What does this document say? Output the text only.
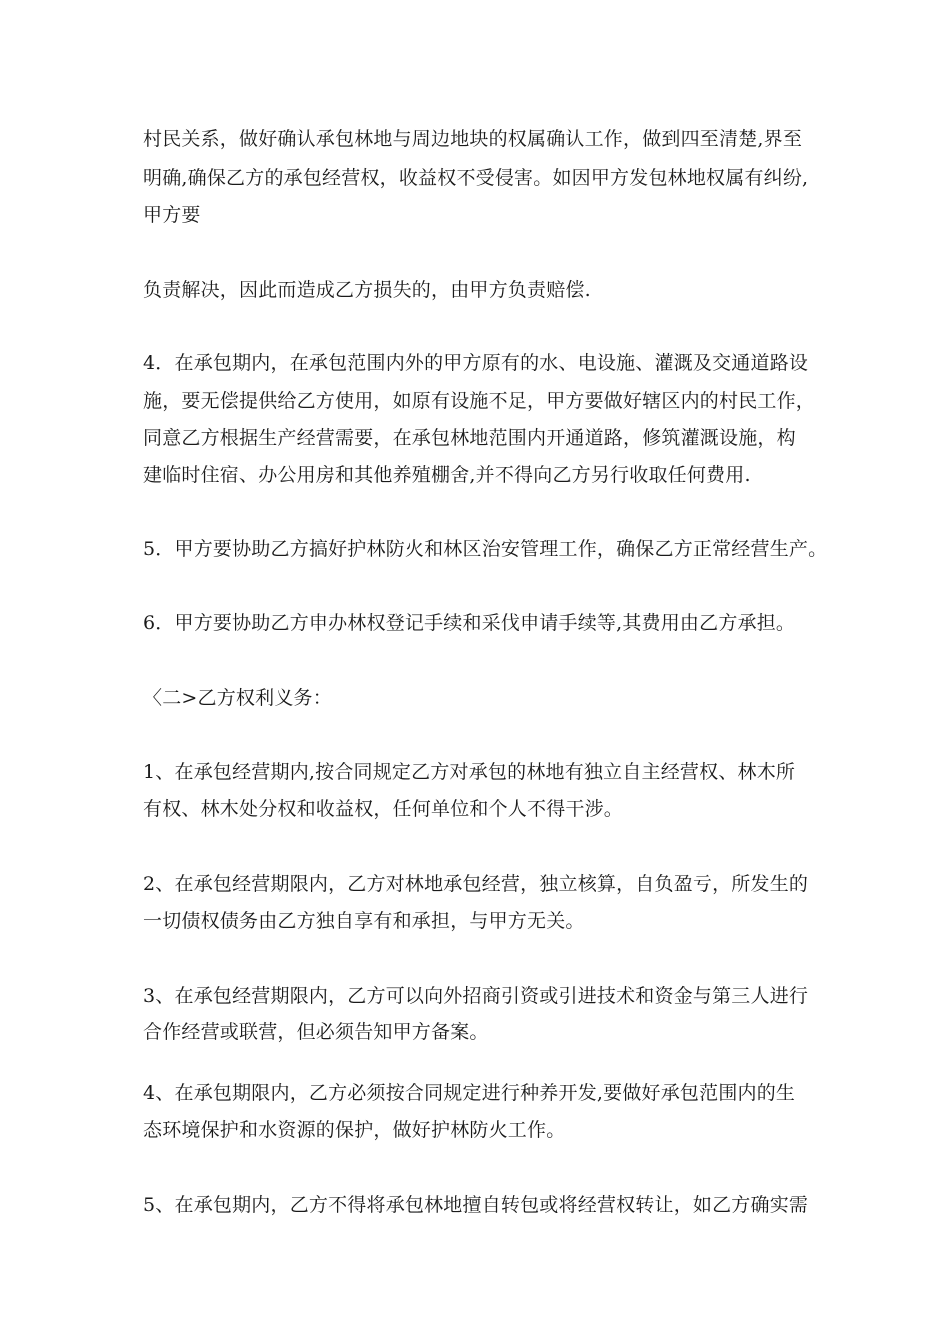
村民关系，做好确认承包林地与周边地块的权属确认工作，做到四至清楚,界至
明确,确保乙方的承包经营权，收益权不受侵害。如因甲方发包林地权属有纠纷,
甲方要
负责解决，因此而造成乙方损失的，由甲方负责赔偿.
4．在承包期内，在承包范围内外的甲方原有的水、电设施、灌溉及交通道路设
施，要无偿提供给乙方使用，如原有设施不足，甲方要做好辖区内的村民工作，
同意乙方根据生产经营需要，在承包林地范围内开通道路，修筑灌溉设施，构
建临时住宿、办公用房和其他养殖棚舍,并不得向乙方另行收取任何费用.
5．甲方要协助乙方搞好护林防火和林区治安管理工作，确保乙方正常经营生产。
6．甲方要协助乙方申办林权登记手续和采伐申请手续等,其费用由乙方承担。
〈二>乙方权利义务：
1、在承包经营期内,按合同规定乙方对承包的林地有独立自主经营权、林木所
有权、林木处分权和收益权，任何单位和个人不得干涉。
2、在承包经营期限内，乙方对林地承包经营，独立核算，自负盈亏，所发生的
一切债权债务由乙方独自享有和承担，与甲方无关。
3、在承包经营期限内，乙方可以向外招商引资或引进技术和资金与第三人进行
合作经营或联营，但必须告知甲方备案。
4、在承包期限内，乙方必须按合同规定进行种养开发,要做好承包范围内的生
态环境保护和水资源的保护，做好护林防火工作。
5、在承包期内，乙方不得将承包林地擅自转包或将经营权转让，如乙方确实需
